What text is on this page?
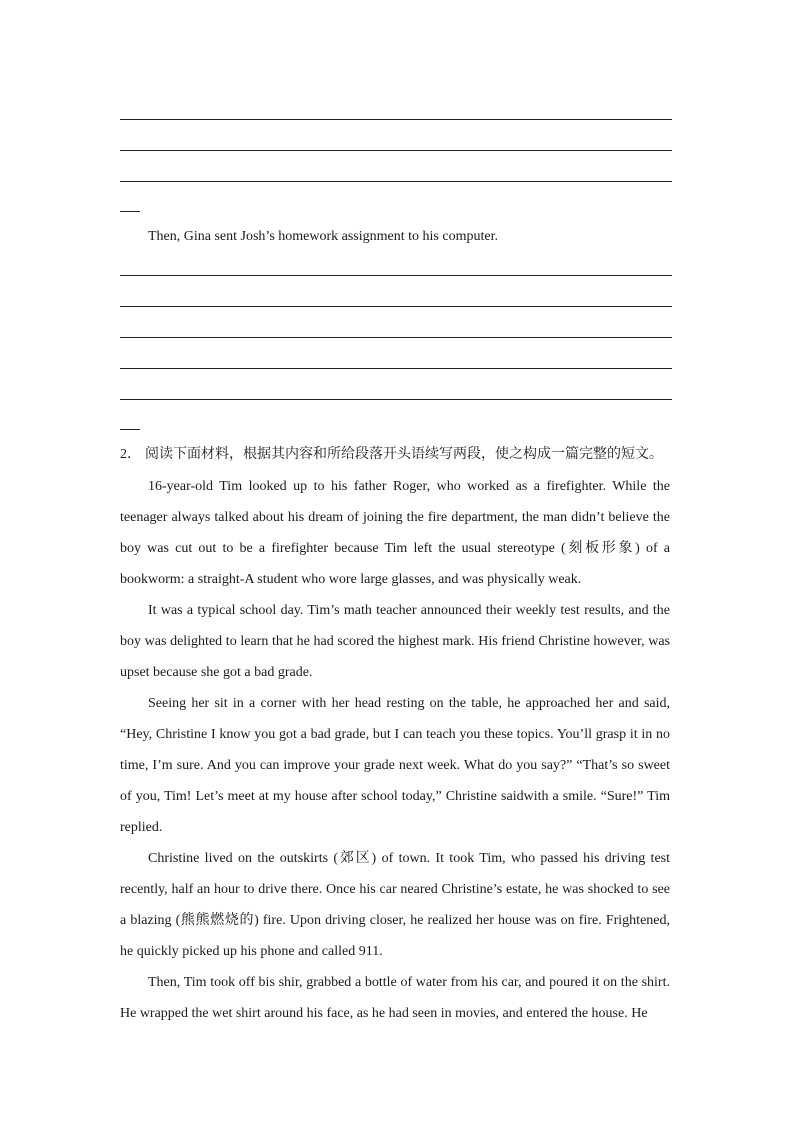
Then, Gina sent Josh’s homework assignment to his computer.

2． 阅读下面材料，根据其内容和所给段落开头语续写两段，使之构成一篇完整的短文。

16-year-old Tim looked up to his father Roger, who worked as a firefighter. While the teenager always talked about his dream of joining the fire department, the man didn’t believe the boy was cut out to be a firefighter because Tim left the usual stereotype (刻板形象) of a bookworm: a straight-A student who wore large glasses, and was physically weak.

It was a typical school day. Tim’s math teacher announced their weekly test results, and the boy was delighted to learn that he had scored the highest mark. His friend Christine however, was upset because she got a bad grade.

Seeing her sit in a corner with her head resting on the table, he approached her and said, “Hey, Christine I know you got a bad grade, but I can teach you these topics. You’ll grasp it in no time, I’m sure. And you can improve your grade next week. What do you say?” “That’s so sweet of you, Tim! Let’s meet at my house after school today,” Christine saidwith a smile. “Sure!” Tim replied.

Christine lived on the outskirts (郊区) of town. It took Tim, who passed his driving test recently, half an hour to drive there. Once his car neared Christine’s estate, he was shocked to see a blazing (熊熊燃烧的) fire. Upon driving closer, he realized her house was on fire. Frightened, he quickly picked up his phone and called 911.

Then, Tim took off bis shir, grabbed a bottle of water from his car, and poured it on the shirt. He wrapped the wet shirt around his face, as he had seen in movies, and entered the house. He
